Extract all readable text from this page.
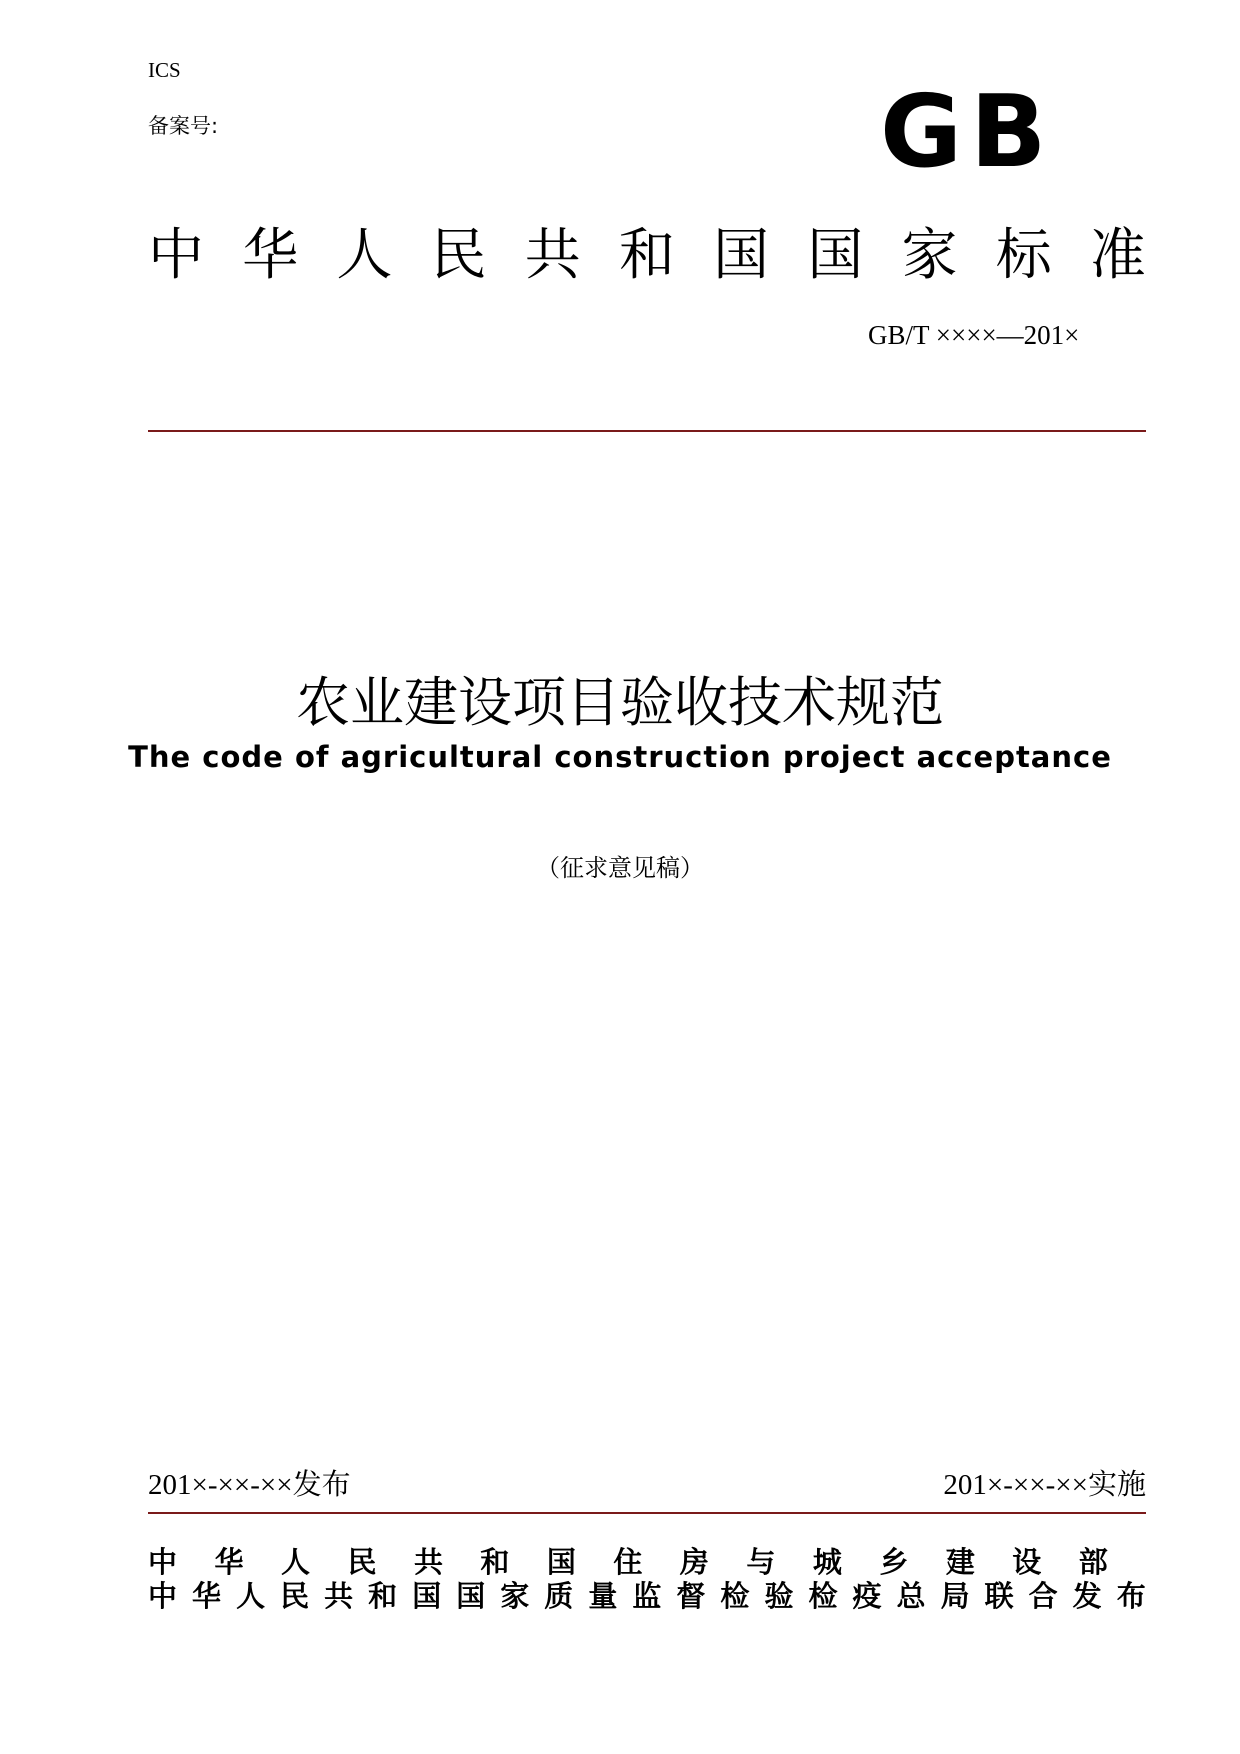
ICS
备案号:	GB
中 华 人 民 共 和 国 国 家 标 准
GB/T ××××—201×
农业建设项目验收技术规范
The code of agricultural construction project acceptance
（征求意见稿）
201×-××-××发布	201×-××-××实施
中 华 人 民 共 和 国 住 房 与 城 乡 建 设 部
中 华 人 民 共 和 国 国 家 质 量 监 督 检 验 检 疫 总 局 联 合 发 布
